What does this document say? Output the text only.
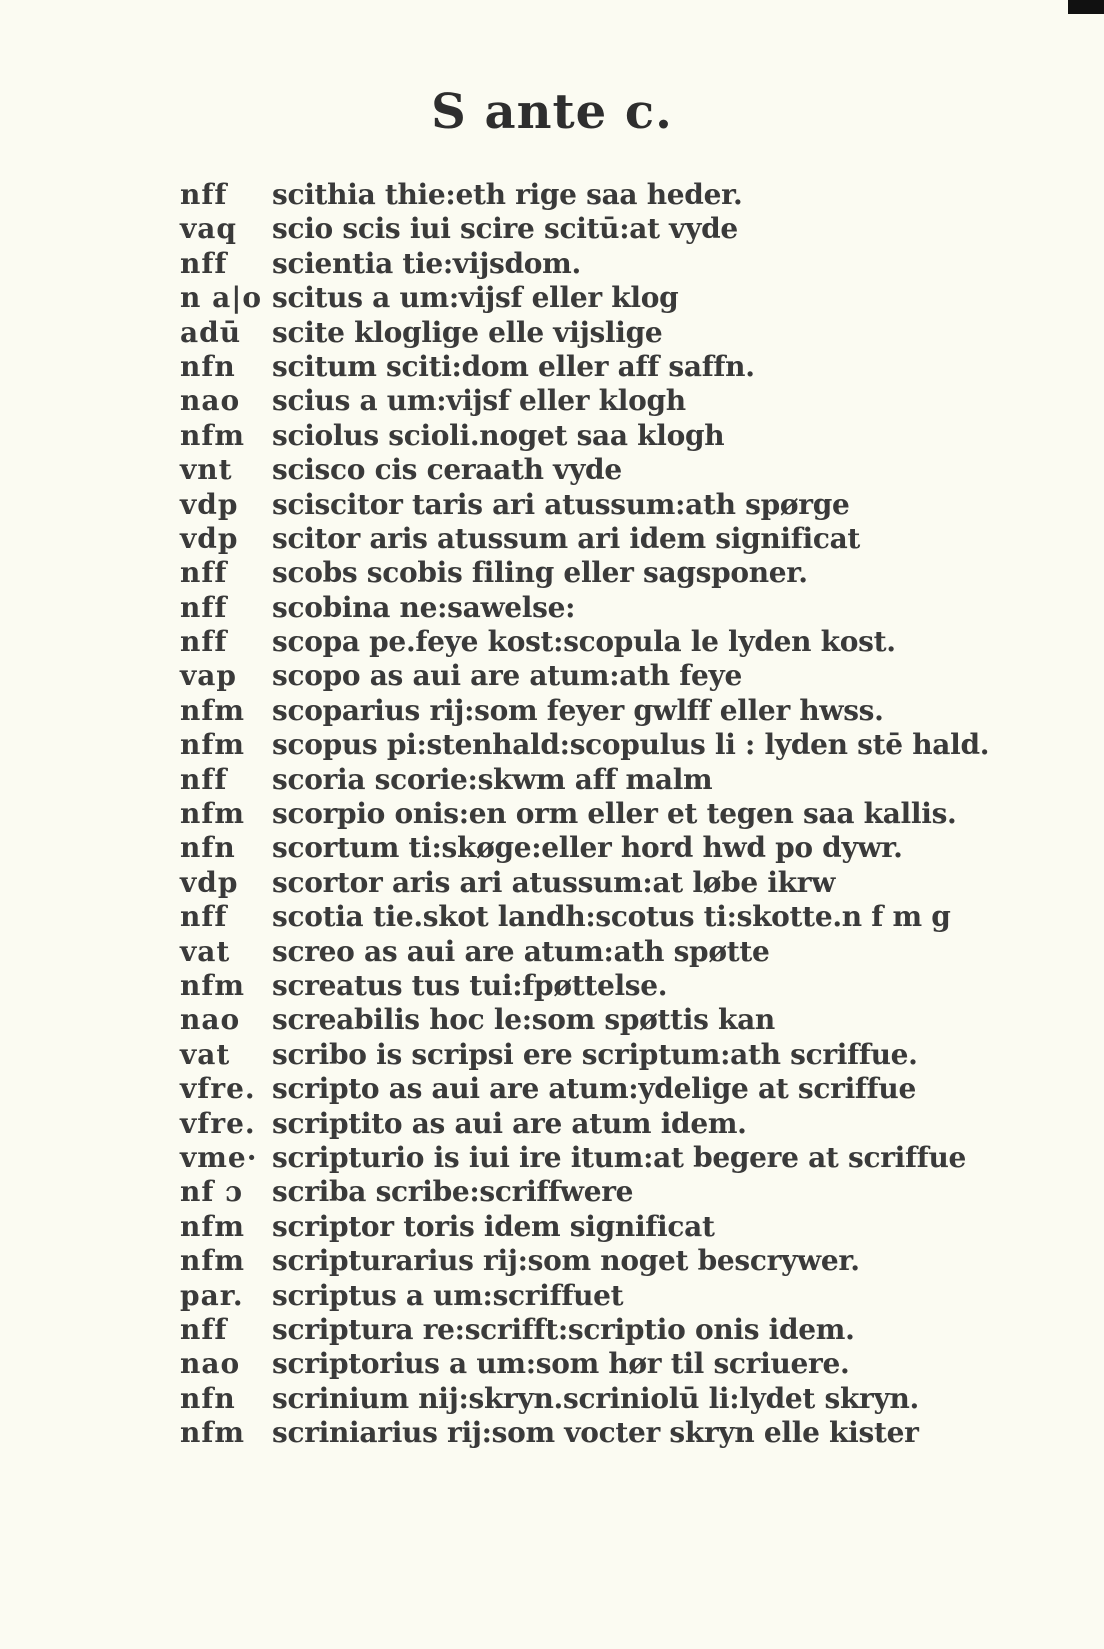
S ante c.
nff	scithia thie:eth rige saa heder.
vaq	scio scis iui scire scitū:at vyde
nff	scientia tie:vijsdom.
n a|o scitus a um:vijsf eller klog
adū	scite kloglige elle vijslige
nfn	scitum sciti:dom eller aff saffn.
nao	scius a um:vijsf eller klogh
nfm sciolus scioli.noget saa klogh
vnt	scisco cis ceraath vyde
vdp	sciscitor taris ari atussum:ath spørge
vdp	scitor aris atussum ari idem significat
nff	scobs scobis filing eller sagsponer.
nff	scobina ne:sawelse:
nff	scopa pe.feye kost:scopula le lyden kost.
vap	scopo as aui are atum:ath feye
nfm scoparius rij:som feyer gwlff eller hwss.
nfm scopus pi:stenhald:scopulus li : lyden stē hald.
nff	scoria scorie:skwm aff malm
nfm scorpio onis:en orm eller et tegen saa kallis.
nfn	scortum ti:skøge:eller hord hwd po dywr.
vdp	scortor aris ari atussum:at løbe ikrw
nff	scotia tie.skot landh:scotus ti:skotte.n f m g
vat	screo as aui are atum:ath spøtte
nfm screatus tus tui:fpøttelse.
nao	screabilis hoc le:som spøttis kan
vat	scribo is scripsi ere scriptum:ath scriffue.
vfre. scripto as aui are atum:ydelige at scriffue
vfre. scriptito as aui are atum idem.
vme· scripturio is iui ire itum:at begere at scriffue
nf ɔ	scriba scribe:scriffwere
nfm scriptor toris idem significat
nfm scripturarius rij:som noget bescrywer.
par.	scriptus a um:scriffuet
nff	scriptura re:scrifft:scriptio onis idem.
nao	scriptorius a um:som hør til scriuere.
nfn	scrinium nij:skryn.scriniolū li:lydet skryn.
nfm scriniarius rij:som vocter skryn elle kister
